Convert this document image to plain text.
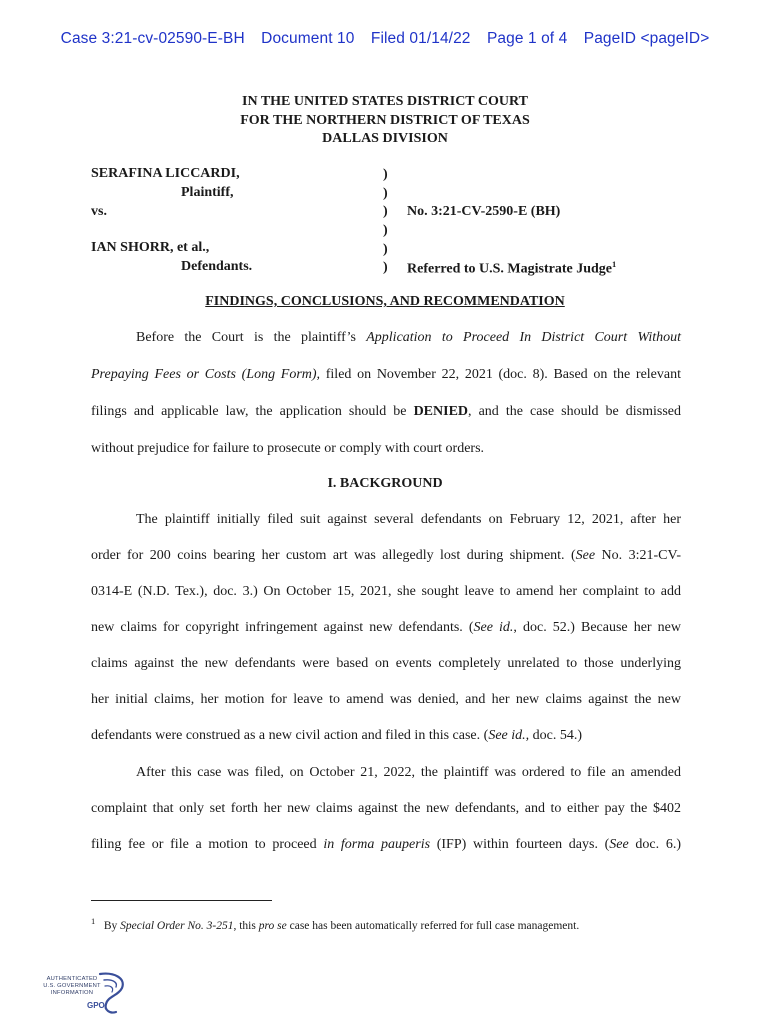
Case 3:21-cv-02590-E-BH Document 10 Filed 01/14/22 Page 1 of 4 PageID <pageID>
IN THE UNITED STATES DISTRICT COURT
FOR THE NORTHERN DISTRICT OF TEXAS
DALLAS DIVISION
SERAFINA LICCARDI,
Plaintiff,
vs.
IAN SHORR, et al.,
Defendants.
)
)
)
)
)
)
No. 3:21-CV-2590-E (BH)
Referred to U.S. Magistrate Judge$^1$
FINDINGS, CONCLUSIONS, AND RECOMMENDATION
Before the Court is the plaintiff’s Application to Proceed In District Court Without
Prepaying Fees or Costs (Long Form), filed on November 22, 2021 (doc. 8). Based on the relevant
filings and applicable law, the application should be DENIED, and the case should be dismissed
without prejudice for failure to prosecute or comply with court orders.
I. BACKGROUND
The plaintiff initially filed suit against several defendants on February 12, 2021, after her
order for 200 coins bearing her custom art was allegedly lost during shipment. (See No. 3:21-CV-
0314-E (N.D. Tex.), doc. 3.) On October 15, 2021, she sought leave to amend her complaint to add
new claims for copyright infringement against new defendants. (See id., doc. 52.) Because her new
claims against the new defendants were based on events completely unrelated to those underlying
her initial claims, her motion for leave to amend was denied, and her new claims against the new
defendants were construed as a new civil action and filed in this case. (See id., doc. 54.)
After this case was filed, on October 21, 2022, the plaintiff was ordered to file an amended
complaint that only set forth her new claims against the new defendants, and to either pay the $402
filing fee or file a motion to proceed in forma pauperis (IFP) within fourteen days. (See doc. 6.)
$^1$ By Special Order No. 3-251, this pro se case has been automatically referred for full case management.
AUTHENTICATED
U.S. GOVERNMENT
INFORMATION
GPO
